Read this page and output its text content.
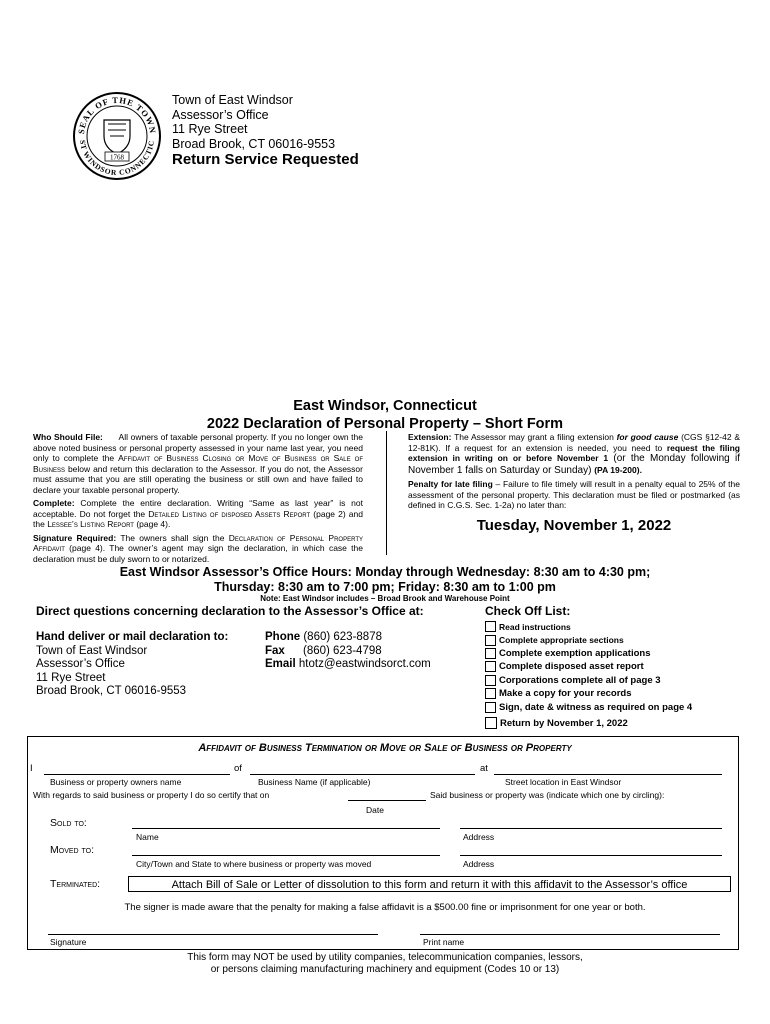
SEAL OF THE TOWN
ST WINDSOR CONNECTIC
1768
Town of East Windsor
Assessor’s Office
11 Rye Street
Broad Brook, CT 06016-9553
Return Service Requested
East Windsor, Connecticut
2022 Declaration of Personal Property – Short Form

Who Should File: All owners of taxable personal property. If you no longer own the above noted business or personal property assessed in your name last year, you need only to complete the Affidavit of Business Closing or Move of Business or Sale of Business below and return this declaration to the Assessor. If you do not, the Assessor must assume that you are still operating the business or still own and have failed to declare your taxable personal property.

Complete: Complete the entire declaration. Writing “Same as last year” is not acceptable. Do not forget the Detailed Listing of disposed Assets Report (page 2) and the Lessee’s Listing Report (page 4).

Signature Required: The owners shall sign the Declaration of Personal Property Affidavit (page 4). The owner’s agent may sign the declaration, in which case the declaration must be duly sworn to or notarized.

Extension: The Assessor may grant a filing extension for good cause (CGS §12-42 & 12-81K). If a request for an extension is needed, you need to request the filing extension in writing on or before November 1 (or the Monday following if November 1 falls on Saturday or Sunday) (PA 19-200).

Penalty for late filing – Failure to file timely will result in a penalty equal to 25% of the assessment of the personal property. This declaration must be filed or postmarked (as defined in C.G.S. Sec. 1-2a) no later than:

Tuesday, November 1, 2022
East Windsor Assessor’s Office Hours: Monday through Wednesday: 8:30 am to 4:30 pm;
Thursday: 8:30 am to 7:00 pm; Friday: 8:30 am to 1:00 pm
Note: East Windsor includes – Broad Brook and Warehouse Point
Direct questions concerning declaration to the Assessor’s Office at:
Hand deliver or mail declaration to:
Town of East Windsor
Assessor’s Office
11 Rye Street
Broad Brook, CT 06016-9553
Phone (860) 623-8878
Fax (860) 623-4798
Email htotz@eastwindsorct.com
Check Off List:
Read instructions
Complete appropriate sections
Complete exemption applications
Complete disposed asset report
Corporations complete all of page 3
Make a copy for your records
Sign, date & witness as required on page 4
Return by November 1, 2022
Affidavit of Business Termination or Move or Sale of Business or Property
I	of	at
Business or property owners name	Business Name (if applicable)	Street location in East Windsor
With regards to said business or property I do so certify that on	Said business or property was (indicate which one by circling):
Date
Sold to:
Name	Address
Moved to:
City/Town and State to where business or property was moved	Address
Terminated:	Attach Bill of Sale or Letter of dissolution to this form and return it with this affidavit to the Assessor’s office
The signer is made aware that the penalty for making a false affidavit is a $500.00 fine or imprisonment for one year or both.
Signature	Print name
This form may NOT be used by utility companies, telecommunication companies, lessors,
or persons claiming manufacturing machinery and equipment (Codes 10 or 13)
